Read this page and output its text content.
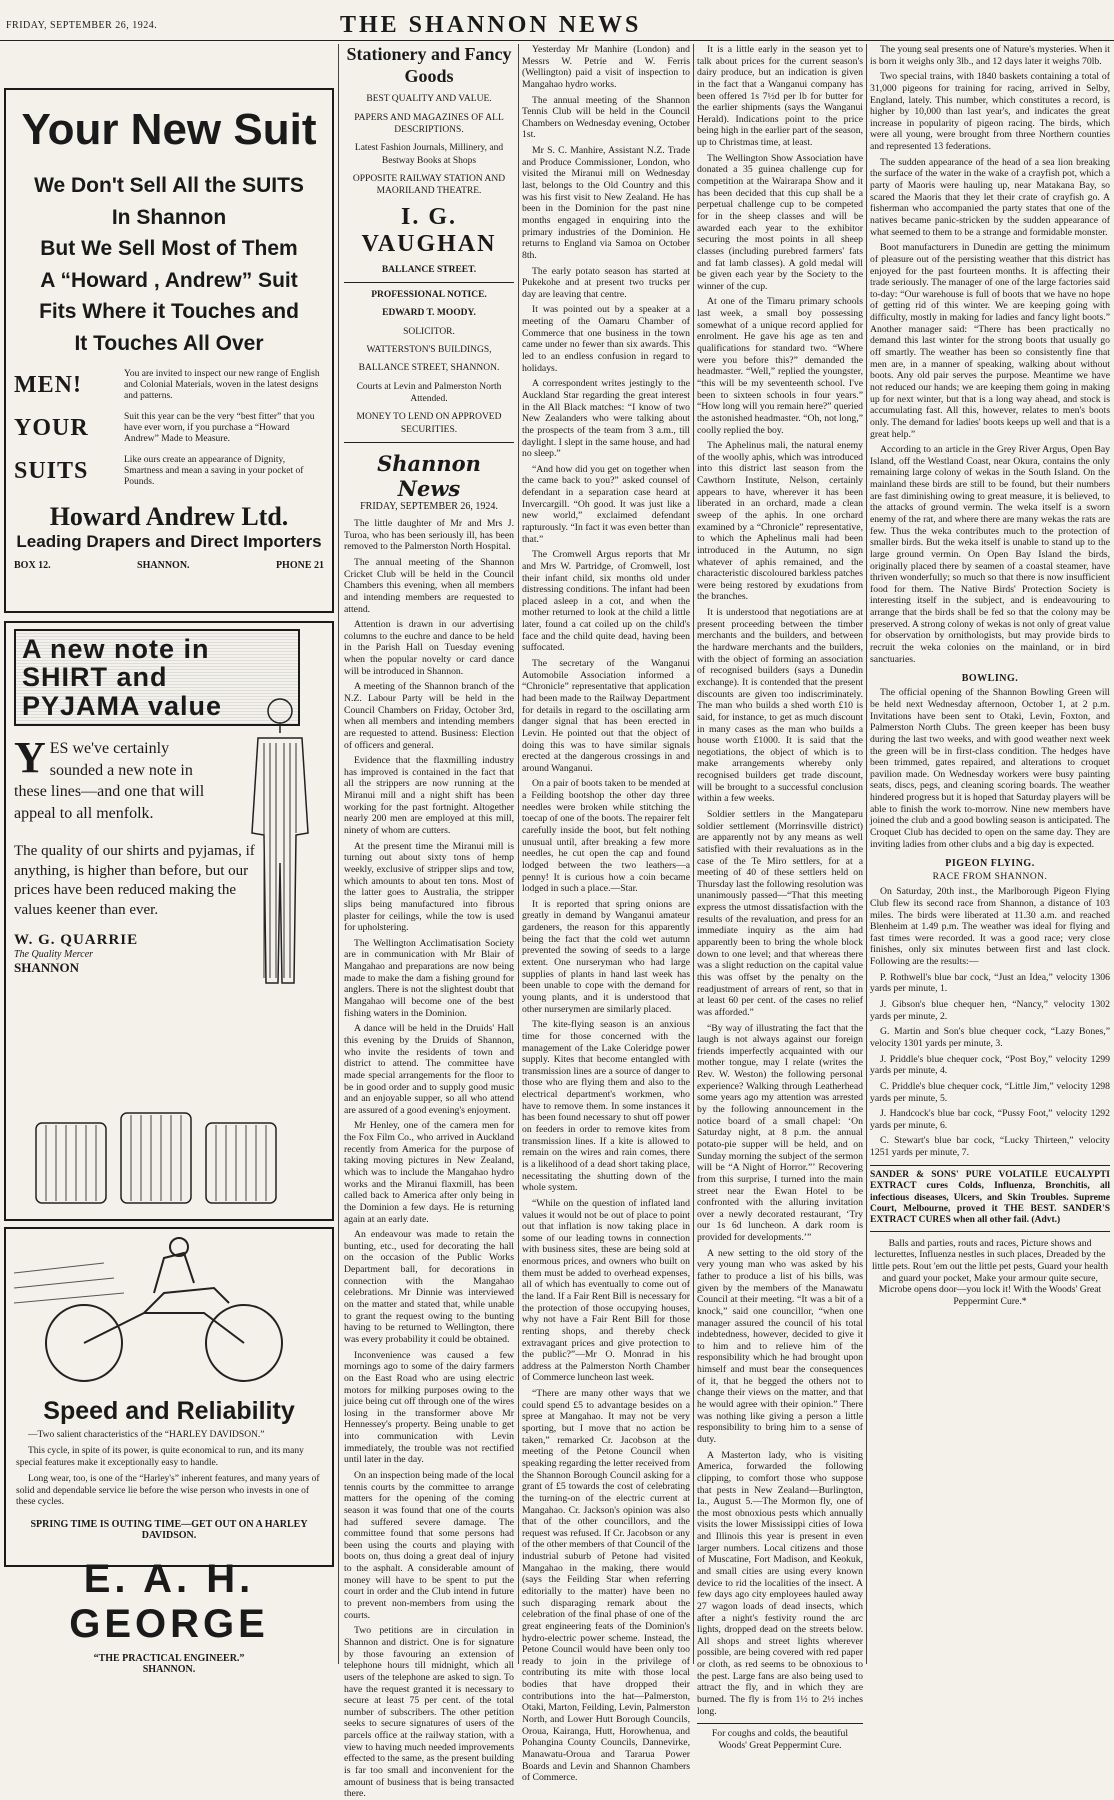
FRIDAY, SEPTEMBER 26, 1924.	THE SHANNON NEWS
Your New Suit
We Don't Sell All the SUITS
In Shannon
But We Sell Most of Them
A “Howard , Andrew” Suit
Fits Where it Touches and
It Touches All Over
MEN!	You are invited to inspect our new range of English and Colonial Materials, woven in the latest designs and patterns.
YOUR	Suit this year can be the very “best fitter” that you have ever worn, if you purchase a “Howard Andrew” Made to Measure.
SUITS	Like ours create an appearance of Dignity, Smartness and mean a saving in your pocket of Pounds.
Howard Andrew Ltd.
Leading Drapers and Direct Importers
BOX 12.	SHANNON.	PHONE 21
A new note in SHIRT and PYJAMA value
YES we've certainly sounded a new note in these lines—and one that will appeal to all menfolk.
The quality of our shirts and pyjamas, if anything, is higher than before, but our prices have been reduced making the values keener than ever.
W. G. QUARRIE
The Quality Mercer
SHANNON
Speed and Reliability

—Two salient characteristics of the “HARLEY DAVIDSON.”

This cycle, in spite of its power, is quite economical to run, and its many special features make it exceptionally easy to handle.

Long wear, too, is one of the “Harley's” inherent features, and many years of solid and dependable service lie before the wise person who invests in one of these cycles.

SPRING TIME IS OUTING TIME—GET OUT ON A HARLEY DAVIDSON.
E. A. H. GEORGE
“THE PRACTICAL ENGINEER.”
SHANNON.
Stationery and Fancy Goods
BEST QUALITY AND VALUE.
PAPERS AND MAGAZINES OF ALL DESCRIPTIONS.
Latest Fashion Journals, Millinery, and Bestway Books at Shops
OPPOSITE RAILWAY STATION AND MAORILAND THEATRE.
I. G. VAUGHAN
BALLANCE STREET.
PROFESSIONAL NOTICE.
EDWARD T. MOODY.
SOLICITOR.
WATTERSTON'S BUILDINGS,
BALLANCE STREET, SHANNON.
Courts at Levin and Palmerston North Attended.
MONEY TO LEND ON APPROVED SECURITIES.
Shannon News
FRIDAY, SEPTEMBER 26, 1924.

The little daughter of Mr and Mrs J. Turoa, who has been seriously ill, has been removed to the Palmerston North Hospital.

The annual meeting of the Shannon Cricket Club will be held in the Council Chambers this evening, when all members and intending members are requested to attend.

Attention is drawn in our advertising columns to the euchre and dance to be held in the Parish Hall on Tuesday evening when the popular novelty or card dance will be introduced in Shannon.

A meeting of the Shannon branch of the N.Z. Labour Party will be held in the Council Chambers on Friday, October 3rd, when all members and intending members are requested to attend. Business: Election of officers and general.

Evidence that the flaxmilling industry has improved is contained in the fact that all the strippers are now running at the Miranui mill and a night shift has been working for the past fortnight. Altogether nearly 200 men are employed at this mill, ninety of whom are cutters.

At the present time the Miranui mill is turning out about sixty tons of hemp weekly, exclusive of stripper slips and tow, which amounts to about ten tons. Most of the latter goes to Australia, the stripper slips being manufactured into fibrous plaster for ceilings, while the tow is used for upholstering.

The Wellington Acclimatisation Society are in communication with Mr Blair of Mangahao and preparations are now being made to make the dam a fishing ground for anglers. There is not the slightest doubt that Mangahao will become one of the best fishing waters in the Dominion.

A dance will be held in the Druids' Hall this evening by the Druids of Shannon, who invite the residents of town and district to attend. The committee have made special arrangements for the floor to be in good order and to supply good music and an enjoyable supper, so all who attend are assured of a good evening's enjoyment.

Mr Henley, one of the camera men for the Fox Film Co., who arrived in Auckland recently from America for the purpose of taking moving pictures in New Zealand, which was to include the Mangahao hydro works and the Miranui flaxmill, has been called back to America after only being in the Dominion a few days. He is returning again at an early date.

An endeavour was made to retain the bunting, etc., used for decorating the hall on the occasion of the Public Works Department ball, for decorations in connection with the Mangahao celebrations. Mr Dinnie was interviewed on the matter and stated that, while unable to grant the request owing to the bunting having to be returned to Wellington, there was every probability it could be obtained.

Inconvenience was caused a few mornings ago to some of the dairy farmers on the East Road who are using electric motors for milking purposes owing to the juice being cut off through one of the wires losing in the transformer above Mr Hennessey's property. Being unable to get into communication with Levin immediately, the trouble was not rectified until later in the day.

On an inspection being made of the local tennis courts by the committee to arrange matters for the opening of the coming season it was found that one of the courts had suffered severe damage. The committee found that some persons had been using the courts and playing with boots on, thus doing a great deal of injury to the asphalt. A considerable amount of money will have to be spent to put the court in order and the Club intend in future to prevent non-members from using the courts.

Two petitions are in circulation in Shannon and district. One is for signature by those favouring an extension of telephone hours till midnight, which all users of the telephone are asked to sign. To have the request granted it is necessary to secure at least 75 per cent. of the total number of subscribers. The other petition seeks to secure signatures of users of the parcels office at the railway station, with a view to having much needed improvements effected to the same, as the present building is far too small and inconvenient for the amount of business that is being transacted there.

Yesterday Mr Manhire (London) and Messrs W. Petrie and W. Ferris (Wellington) paid a visit of inspection to Mangahao hydro works.

The annual meeting of the Shannon Tennis Club will be held in the Council Chambers on Wednesday evening, October 1st.

Mr S. C. Manhire, Assistant N.Z. Trade and Produce Commissioner, London, who visited the Miranui mill on Wednesday last, belongs to the Old Country and this was his first visit to New Zealand. He has been in the Dominion for the past nine months engaged in enquiring into the primary industries of the Dominion. He returns to England via Samoa on October 8th.

The early potato season has started at Pukekohe and at present two trucks per day are leaving that centre.

It was pointed out by a speaker at a meeting of the Oamaru Chamber of Commerce that one business in the town came under no fewer than six awards. This led to an endless confusion in regard to holidays.

A correspondent writes jestingly to the Auckland Star regarding the great interest in the All Black matches: “I know of two New Zealanders who were talking about the prospects of the team from 3 a.m., till daylight. I slept in the same house, and had no sleep.”

“And how did you get on together when the came back to you?” asked counsel of defendant in a separation case heard at Invercargill. “Oh good. It was just like a new world,” exclaimed defendant rapturously. “In fact it was even better than that.”

The Cromwell Argus reports that Mr and Mrs W. Partridge, of Cromwell, lost their infant child, six months old under distressing conditions. The infant had been placed asleep in a cot, and when the mother returned to look at the child a little later, found a cat coiled up on the child's face and the child quite dead, having been suffocated.

The secretary of the Wanganui Automobile Association informed a “Chronicle” representative that application had been made to the Railway Department for details in regard to the oscillating arm danger signal that has been erected in Levin. He pointed out that the object of doing this was to have similar signals erected at the dangerous crossings in and around Wanganui.

On a pair of boots taken to be mended at a Feilding bootshop the other day three needles were broken while stitching the toecap of one of the boots. The repairer felt carefully inside the boot, but felt nothing unusual until, after breaking a few more needles, he cut open the cap and found lodged between the two leathers—a penny! It is curious how a coin became lodged in such a place.—Star.

It is reported that spring onions are greatly in demand by Wanganui amateur gardeners, the reason for this apparently being the fact that the cold wet autumn prevented the sowing of seeds to a large extent. One nurseryman who had large supplies of plants in hand last week has been unable to cope with the demand for young plants, and it is understood that other nurserymen are similarly placed.

The kite-flying season is an anxious time for those concerned with the management of the Lake Coleridge power supply. Kites that become entangled with transmission lines are a source of danger to those who are flying them and also to the electrical department's workmen, who have to remove them. In some instances it has been found necessary to shut off power on feeders in order to remove kites from transmission lines. If a kite is allowed to remain on the wires and rain comes, there is a likelihood of a dead short taking place, necessitating the shutting down of the whole system.

“While on the question of inflated land values it would not be out of place to point out that inflation is now taking place in some of our leading towns in connection with business sites, these are being sold at enormous prices, and owners who built on them must be added to overhead expenses, all of which has eventually to come out of the land. If a Fair Rent Bill is necessary for the protection of those occupying houses, why not have a Fair Rent Bill for those renting shops, and thereby check extravagant prices and give protection to the public?”—Mr O. Monrad in his address at the Palmerston North Chamber of Commerce luncheon last week.

“There are many other ways that we could spend £5 to advantage besides on a spree at Mangahao. It may not be very sporting, but I move that no action be taken,” remarked Cr. Jacobson at the meeting of the Petone Council when speaking regarding the letter received from the Shannon Borough Council asking for a grant of £5 towards the cost of celebrating the turning-on of the electric current at Mangahao. Cr. Jackson's opinion was also that of the other councillors, and the request was refused. If Cr. Jacobson or any of the other members of that Council of the industrial suburb of Petone had visited Mangahao in the making, there would (says the Feilding Star when referring editorially to the matter) have been no such disparaging remark about the celebration of the final phase of one of the great engineering feats of the Dominion's hydro-electric power scheme. Instead, the Petone Council would have been only too ready to join in the privilege of contributing its mite with those local bodies that have dropped their contributions into the hat—Palmerston, Otaki, Marton, Feilding, Levin, Palmerston North, and Lower Hutt Borough Councils, Oroua, Kairanga, Hutt, Horowhenua, and Pohangina County Councils, Dannevirke, Manawatu-Oroua and Tararua Power Boards and Levin and Shannon Chambers of Commerce.

It is a little early in the season yet to talk about prices for the current season's dairy produce, but an indication is given in the fact that a Wanganui company has been offered 1s 7½d per lb for butter for the earlier shipments (says the Wanganui Herald). Indications point to the price being high in the earlier part of the season, up to Christmas time, at least.

The Wellington Show Association have donated a 35 guinea challenge cup for competition at the Wairarapa Show and it has been decided that this cup shall be a perpetual challenge cup to be competed for in the sheep classes and will be awarded each year to the exhibitor securing the most points in all sheep classes (including purebred farmers' fats and fat lamb classes). A gold medal will be given each year by the Society to the winner of the cup.

At one of the Timaru primary schools last week, a small boy possessing somewhat of a unique record applied for enrolment. He gave his age as ten and qualifications for standard two. “Where were you before this?” demanded the headmaster. “Well,” replied the youngster, “this will be my seventeenth school. I've been to sixteen schools in four years.” “How long will you remain here?” queried the astonished headmaster. “Oh, not long,” coolly replied the boy.

The Aphelinus mali, the natural enemy of the woolly aphis, which was introduced into this district last season from the Cawthorn Institute, Nelson, certainly appears to have, wherever it has been liberated in an orchard, made a clean sweep of the aphis. In one orchard examined by a “Chronicle” representative, to which the Aphelinus mali had been introduced in the Autumn, no sign whatever of aphis remained, and the characteristic discoloured barkless patches were being restored by exudations from the branches.

It is understood that negotiations are at present proceeding between the timber merchants and the builders, and between the hardware merchants and the builders, with the object of forming an association of recognised builders (says a Dunedin exchange). It is contended that the present discounts are given too indiscriminately. The man who builds a shed worth £10 is said, for instance, to get as much discount in many cases as the man who builds a house worth £1000. It is said that the negotiations, the object of which is to make arrangements whereby only recognised builders get trade discount, will be brought to a successful conclusion within a few weeks.

Soldier settlers in the Mangateparu soldier settlement (Morrinsville district) are apparently not by any means as well satisfied with their revaluations as in the case of the Te Miro settlers, for at a meeting of 40 of these settlers held on Thursday last the following resolution was unanimously passed—“That this meeting express the utmost dissatisfaction with the results of the revaluation, and press for an immediate inquiry as the aim had apparently been to bring the whole block down to one level; and that whereas there was a slight reduction on the capital value this was offset by the penalty on the readjustment of arrears of rent, so that in at least 60 per cent. of the cases no relief was afforded.”

“By way of illustrating the fact that the laugh is not always against our foreign friends imperfectly acquainted with our mother tongue, may I relate (writes the Rev. W. Weston) the following personal experience? Walking through Leatherhead some years ago my attention was arrested by the following announcement in the notice board of a small chapel: ‘On Saturday night, at 8 p.m. the annual potato-pie supper will be held, and on Sunday morning the subject of the sermon will be “A Night of Horror.”’ Recovering from this surprise, I turned into the main street near the Ewan Hotel to be confronted with the alluring invitation over a newly decorated restaurant, ‘Try our 1s 6d luncheon. A dark room is provided for developments.’”

A new setting to the old story of the very young man who was asked by his father to produce a list of his bills, was given by the members of the Manawatu Council at their meeting. “It was a bit of a knock,” said one councillor, “when one manager assured the council of his total indebtedness, however, decided to give it to him and to relieve him of the responsibility which he had brought upon himself and must bear the consequences of it, that he begged the others not to change their views on the matter, and that he would agree with their opinion.” There was nothing like giving a person a little responsibility to bring him to a sense of duty.

A Masterton lady, who is visiting America, forwarded the following clipping, to comfort those who suppose that pests in New Zealand—Burlington, Ia., August 5.—The Mormon fly, one of the most obnoxious pests which annually visits the lower Mississippi cities of Iowa and Illinois this year is present in even larger numbers. Local citizens and those of Muscatine, Fort Madison, and Keokuk, and small cities are using every known device to rid the localities of the insect. A few days ago city employees hauled away 27 wagon loads of dead insects, which after a night's festivity round the arc lights, dropped dead on the streets below. All shops and street lights wherever possible, are being covered with red paper or cloth, as red seems to be obnoxious to the pest. Large fans are also being used to attract the fly, and in which they are burned. The fly is from 1½ to 2½ inches long.

For coughs and colds, the beautiful Woods' Great Peppermint Cure.

The young seal presents one of Nature's mysteries. When it is born it weighs only 3lb., and 12 days later it weighs 70lb.

Two special trains, with 1840 baskets containing a total of 31,000 pigeons for training for racing, arrived in Selby, England, lately. This number, which constitutes a record, is higher by 10,000 than last year's, and indicates the great increase in popularity of pigeon racing. The birds, which were all young, were brought from three Northern counties and represented 13 federations.

The sudden appearance of the head of a sea lion breaking the surface of the water in the wake of a crayfish pot, which a party of Maoris were hauling up, near Matakana Bay, so scared the Maoris that they let their crate of crayfish go. A fisherman who accompanied the party states that one of the natives became panic-stricken by the sudden appearance of what seemed to them to be a strange and formidable monster.

Boot manufacturers in Dunedin are getting the minimum of pleasure out of the persisting weather that this district has enjoyed for the past fourteen months. It is affecting their trade seriously. The manager of one of the large factories said to-day: “Our warehouse is full of boots that we have no hope of getting rid of this winter. We are keeping going with difficulty, mostly in making for ladies and fancy light boots.” Another manager said: “There has been practically no demand this last winter for the strong boots that usually go off smartly. The weather has been so consistently fine that men are, in a manner of speaking, walking about without boots. Any old pair serves the purpose. Meantime we have not reduced our hands; we are keeping them going in making up for next winter, but that is a long way ahead, and stock is accumulating fast. All this, however, relates to men's boots only. The demand for ladies' boots keeps up well and that is a great help.”

According to an article in the Grey River Argus, Open Bay Island, off the Westland Coast, near Okura, contains the only remaining large colony of wekas in the South Island. On the mainland these birds are still to be found, but their numbers are fast diminishing owing to great measure, it is believed, to the attacks of ground vermin. The weka itself is a sworn enemy of the rat, and where there are many wekas the rats are few. Thus the weka contributes much to the protection of smaller birds. But the weka itself is unable to stand up to the large ground vermin. On Open Bay Island the birds, originally placed there by seamen of a coastal steamer, have thriven wonderfully; so much so that there is now insufficient food for them. The Native Birds' Protection Society is interesting itself in the subject, and is endeavouring to arrange that the birds shall be fed so that the colony may be preserved. A strong colony of wekas is not only of great value for observation by ornithologists, but may provide birds to recruit the weka colonies on the mainland, or in bird sanctuaries.

BOWLING.

The official opening of the Shannon Bowling Green will be held next Wednesday afternoon, October 1, at 2 p.m. Invitations have been sent to Otaki, Levin, Foxton, and Palmerston North Clubs. The green keeper has been busy during the last two weeks, and with good weather next week the green will be in first-class condition. The hedges have been trimmed, gates repaired, and alterations to croquet pavilion made. On Wednesday workers were busy painting seats, discs, pegs, and cleaning scoring boards. The weather hindered progress but it is hoped that Saturday players will be able to finish the work to-morrow. Nine new members have joined the club and a good bowling season is anticipated. The Croquet Club has decided to open on the same day. They are inviting ladies from other clubs and a big day is expected.

PIGEON FLYING.
RACE FROM SHANNON.

On Saturday, 20th inst., the Marlborough Pigeon Flying Club flew its second race from Shannon, a distance of 103 miles. The birds were liberated at 11.30 a.m. and reached Blenheim at 1.49 p.m. The weather was ideal for flying and fast times were recorded. It was a good race; very close finishes, only six minutes between first and last clock. Following are the results:—

P. Rothwell's blue bar cock, “Just an Idea,” velocity 1306 yards per minute, 1.

J. Gibson's blue chequer hen, “Nancy,” velocity 1302 yards per minute, 2.

G. Martin and Son's blue chequer cock, “Lazy Bones,” velocity 1301 yards per minute, 3.

J. Priddle's blue chequer cock, “Post Boy,” velocity 1299 yards per minute, 4.

C. Priddle's blue chequer cock, “Little Jim,” velocity 1298 yards per minute, 5.

J. Handcock's blue bar cock, “Pussy Foot,” velocity 1292 yards per minute, 6.

C. Stewart's blue bar cock, “Lucky Thirteen,” velocity 1251 yards per minute, 7.

SANDER & SONS' PURE VOLATILE EUCALYPTI EXTRACT cures Colds, Influenza, Bronchitis, all infectious diseases, Ulcers, and Skin Troubles. Supreme Court, Melbourne, proved it THE BEST. SANDER'S EXTRACT CURES when all other fail. (Advt.)
Balls and parties, routs and races, Picture shows and lecturettes, Influenza nestles in such places, Dreaded by the little pets. Rout 'em out the little pet pests, Guard your health and guard your pocket, Make your armour quite secure, Microbe opens door—you lock it! With the Woods' Great Peppermint Cure.*
